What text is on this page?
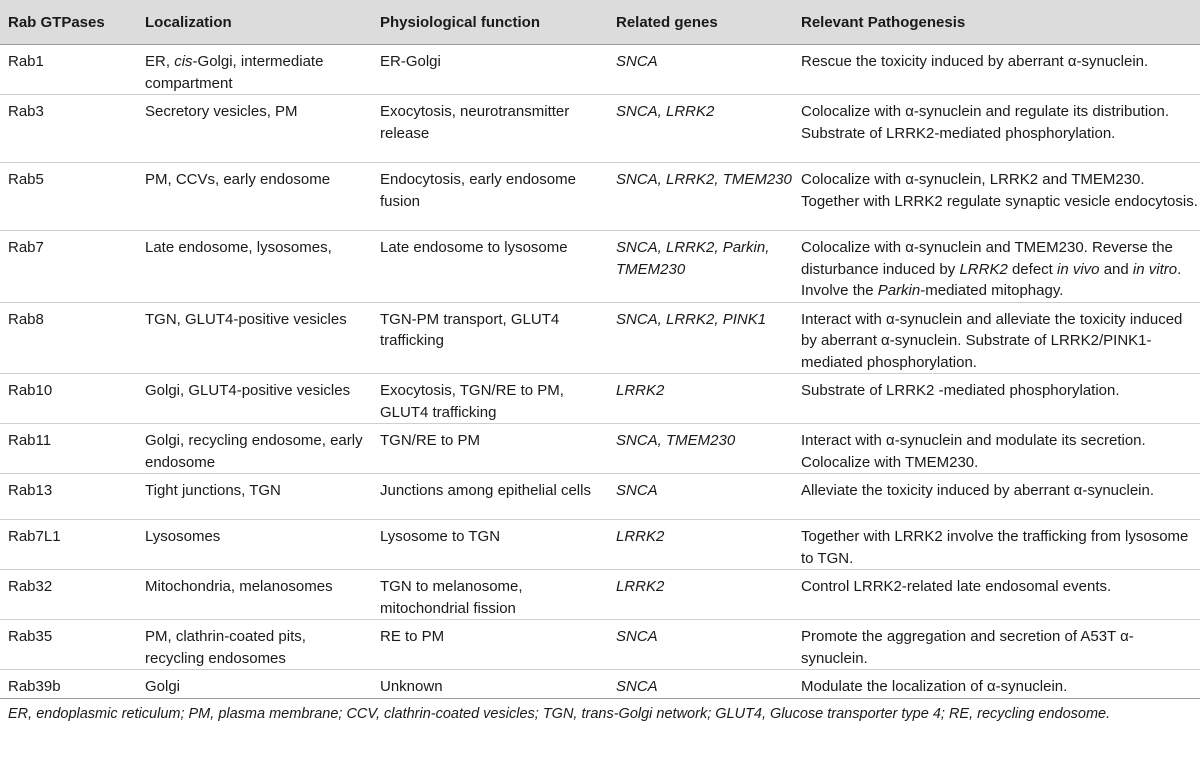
Rab GTPases	Localization	Physiological function	Related genes	Relevant Pathogenesis
Rab1	ER, cis-Golgi, intermediate compartment	ER-Golgi	SNCA	Rescue the toxicity induced by aberrant α-synuclein.
Rab3	Secretory vesicles, PM	Exocytosis, neurotransmitter release	SNCA, LRRK2	Colocalize with α-synuclein and regulate its distribution. Substrate of LRRK2-mediated phosphorylation.
Rab5	PM, CCVs, early endosome	Endocytosis, early endosome fusion	SNCA, LRRK2, TMEM230	Colocalize with α-synuclein, LRRK2 and TMEM230. Together with LRRK2 regulate synaptic vesicle endocytosis.
Rab7	Late endosome, lysosomes,	Late endosome to lysosome	SNCA, LRRK2, Parkin, TMEM230	Colocalize with α-synuclein and TMEM230. Reverse the disturbance induced by LRRK2 defect in vivo and in vitro. Involve the Parkin-mediated mitophagy.
Rab8	TGN, GLUT4-positive vesicles	TGN-PM transport, GLUT4 trafficking	SNCA, LRRK2, PINK1	Interact with α-synuclein and alleviate the toxicity induced by aberrant α-synuclein. Substrate of LRRK2/PINK1-mediated phosphorylation.
Rab10	Golgi, GLUT4-positive vesicles	Exocytosis, TGN/RE to PM, GLUT4 trafficking	LRRK2	Substrate of LRRK2 -mediated phosphorylation.
Rab11	Golgi, recycling endosome, early endosome	TGN/RE to PM	SNCA, TMEM230	Interact with α-synuclein and modulate its secretion. Colocalize with TMEM230.
Rab13	Tight junctions, TGN	Junctions among epithelial cells	SNCA	Alleviate the toxicity induced by aberrant α-synuclein.
Rab7L1	Lysosomes	Lysosome to TGN	LRRK2	Together with LRRK2 involve the trafficking from lysosome to TGN.
Rab32	Mitochondria, melanosomes	TGN to melanosome, mitochondrial fission	LRRK2	Control LRRK2-related late endosomal events.
Rab35	PM, clathrin-coated pits, recycling endosomes	RE to PM	SNCA	Promote the aggregation and secretion of A53T α-synuclein.
Rab39b	Golgi	Unknown	SNCA	Modulate the localization of α-synuclein.
ER, endoplasmic reticulum; PM, plasma membrane; CCV, clathrin-coated vesicles; TGN, trans-Golgi network; GLUT4, Glucose transporter type 4; RE, recycling endosome.
